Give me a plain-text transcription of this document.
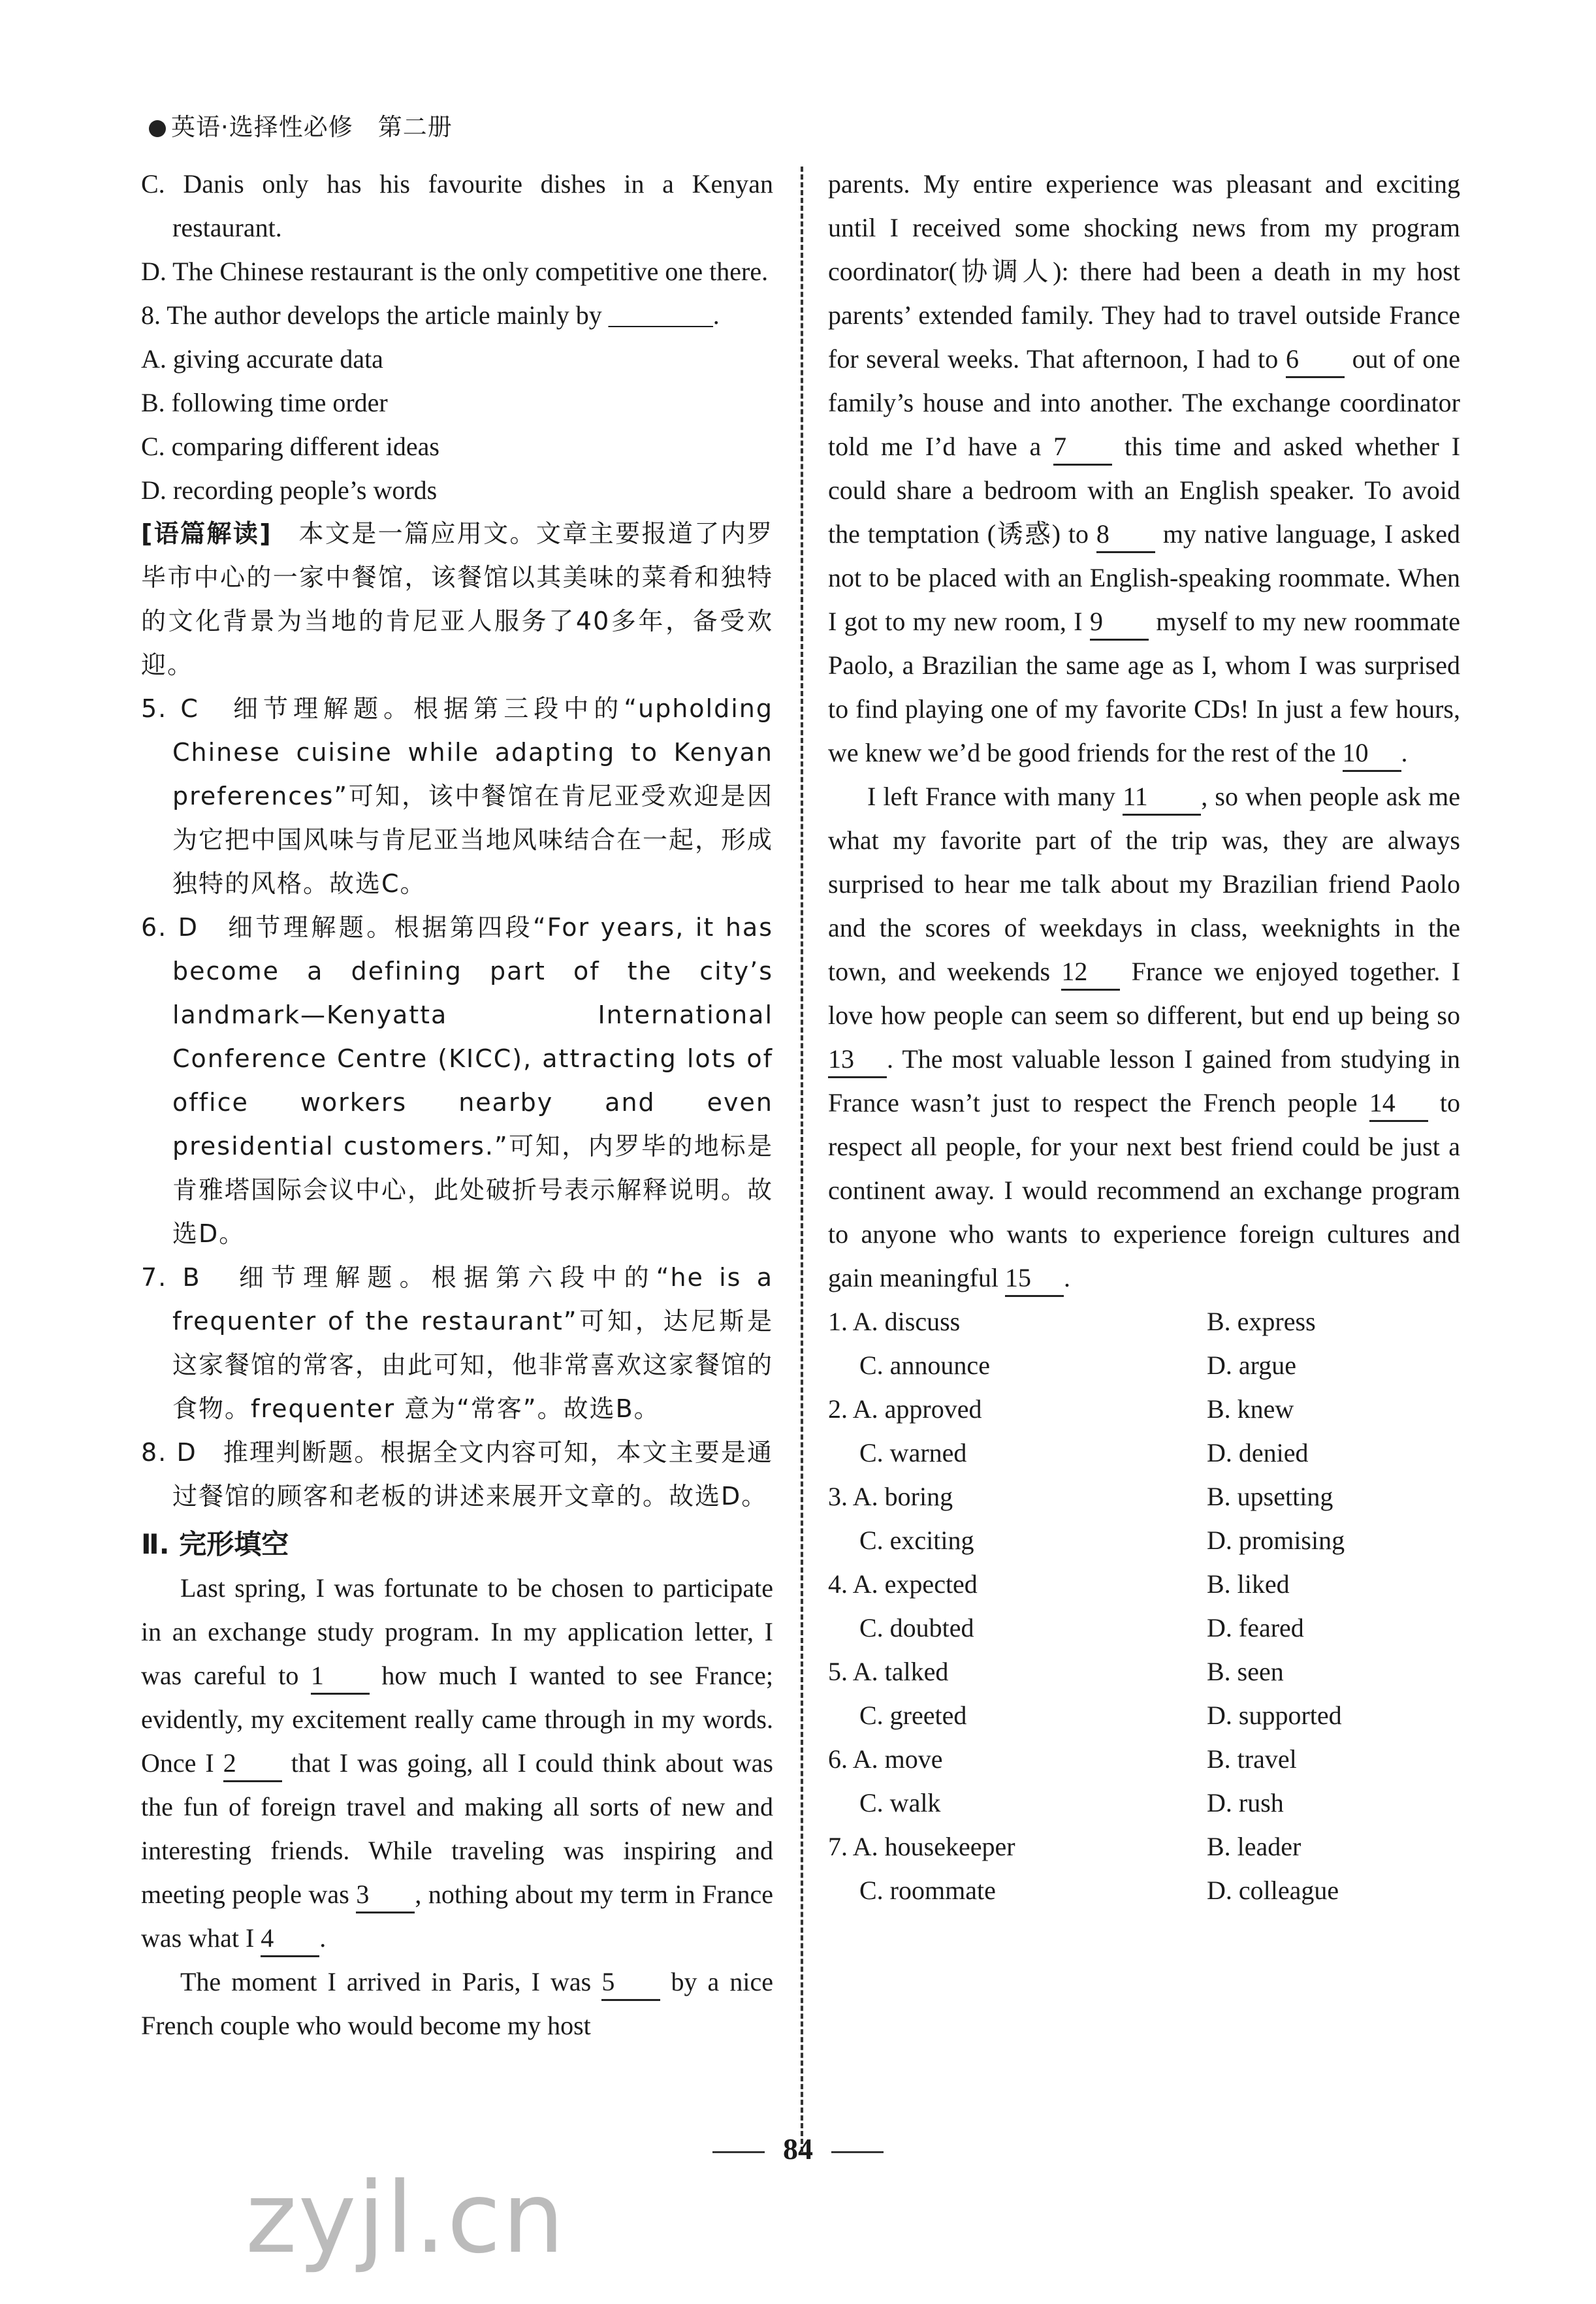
英语·选择性必修　第二册

C. Danis only has his favourite dishes in a Kenyan restaurant.

D. The Chinese restaurant is the only competitive one there.

8. The author develops the article mainly by ________.

A. giving accurate data

B. following time order

C. comparing different ideas

D. recording people’s words

[语篇解读]　本文是一篇应用文。文章主要报道了内罗毕市中心的一家中餐馆，该餐馆以其美味的菜肴和独特的文化背景为当地的肯尼亚人服务了40多年，备受欢迎。

5. C　细节理解题。根据第三段中的“upholding Chinese cuisine while adapting to Kenyan preferences”可知，该中餐馆在肯尼亚受欢迎是因为它把中国风味与肯尼亚当地风味结合在一起，形成独特的风格。故选C。

6. D　细节理解题。根据第四段“For years, it has become a defining part of the city’s landmark—Kenyatta International Conference Centre (KICC), attracting lots of office workers nearby and even presidential customers.”可知，内罗毕的地标是肯雅塔国际会议中心，此处破折号表示解释说明。故选D。

7. B　细节理解题。根据第六段中的“he is a frequenter of the restaurant”可知，达尼斯是这家餐馆的常客，由此可知，他非常喜欢这家餐馆的食物。frequenter 意为“常客”。故选B。

8. D　推理判断题。根据全文内容可知，本文主要是通过餐馆的顾客和老板的讲述来展开文章的。故选D。

Ⅱ. 完形填空

Last spring, I was fortunate to be chosen to participate in an exchange study program. In my application letter, I was careful to 1 how much I wanted to see France; evidently, my excitement really came through in my words. Once I 2 that I was going, all I could think about was the fun of foreign travel and making all sorts of new and interesting friends. While traveling was inspiring and meeting people was 3 , nothing about my term in France was what I 4 .

The moment I arrived in Paris, I was 5 by a nice French couple who would become my host

parents. My entire experience was pleasant and exciting until I received some shocking news from my program coordinator(协调人): there had been a death in my host parents’ extended family. They had to travel outside France for several weeks. That afternoon, I had to 6 out of one family’s house and into another. The exchange coordinator told me I’d have a 7 this time and asked whether I could share a bedroom with an English speaker. To avoid the temptation (诱惑) to 8 my native language, I asked not to be placed with an English-speaking roommate. When I got to my new room, I 9 myself to my new roommate Paolo, a Brazilian the same age as I, whom I was surprised to find playing one of my favorite CDs! In just a few hours, we knew we’d be good friends for the rest of the 10 .

I left France with many 11 , so when people ask me what my favorite part of the trip was, they are always surprised to hear me talk about my Brazilian friend Paolo and the scores of weekdays in class, weeknights in the town, and weekends 12 France we enjoyed together. I love how people can seem so different, but end up being so 13 . The most valuable lesson I gained from studying in France wasn’t just to respect the French people 14 to respect all people, for your next best friend could be just a continent away. I would recommend an exchange program to anyone who wants to experience foreign cultures and gain meaningful 15 .

1. A. discuss	B. express
C. announce	D. argue
2. A. approved	B. knew
C. warned	D. denied
3. A. boring	B. upsetting
C. exciting	D. promising
4. A. expected	B. liked
C. doubted	D. feared
5. A. talked	B. seen
C. greeted	D. supported
6. A. move	B. travel
C. walk	D. rush
7. A. housekeeper	B. leader
C. roommate	D. colleague
84
zyjl.cn
